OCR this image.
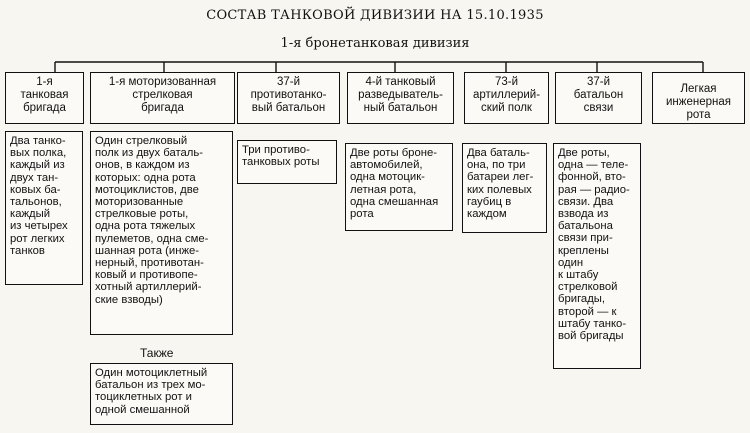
СОСТАВ ТАНКОВОЙ ДИВИЗИИ НА 15.10.1935
1-я бронетанковая дивизия
1-я
танковая
бригада
Два танко-
вых полка,
каждый из
двух тан-
ковых ба-
тальонов,
каждый
из четырех
рот легких
танков
1-я моторизованная
стрелковая
бригада
Один стрелковый
полк из двух баталь-
онов, в каждом из
которых: одна рота
мотоциклистов, две
моторизованные
стрелковые роты,
одна рота тяжелых
пулеметов, одна сме-
шанная рота (инже-
нерный, противотан-
ковый и противопе-
хотный артиллерий-
ские взводы)
37-й
противотанко-
вый батальон
Три противо-
танковых роты
4-й танковый
разведыватель-
ный батальон
Две роты броне-
автомобилей,
одна мотоцик-
летная рота,
одна смешанная
рота
73-й
артиллерий-
ский полк
Два баталь-
она, по три
батареи лег-
ких полевых
гаубиц в
каждом
37-й
батальон
связи
Две роты,
одна — теле-
фонной, вто-
рая — радио-
связи. Два
взвода из
батальона
связи при-
креплены
один
к штабу
стрелковой
бригады,
второй — к
штабу танко-
вой бригады
Легкая
инженерная
рота
Также
Один мотоциклетный
батальон из трех мо-
тоциклетных рот и
одной смешанной
